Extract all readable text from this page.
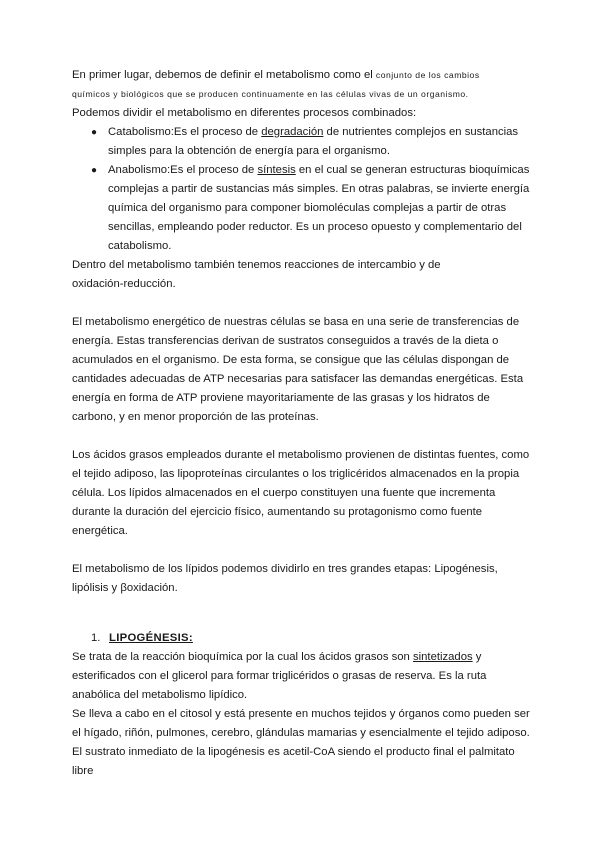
En primer lugar, debemos de definir el metabolismo como el conjunto de los cambios

químicos y biológicos que se producen continuamente en las células vivas de un organismo.

Podemos dividir el metabolismo en diferentes procesos combinados:

● Catabolismo:Es el proceso de degradación de nutrientes complejos en sustancias

simples para la obtención de energía para el organismo.

● Anabolismo:Es el proceso de síntesis en el cual se generan estructuras bioquímicas

complejas a partir de sustancias más simples. En otras palabras, se invierte energía

química del organismo para componer biomoléculas complejas a partir de otras

sencillas, empleando poder reductor. Es un proceso opuesto y complementario del

catabolismo.

Dentro del metabolismo también tenemos reacciones de intercambio y de

oxidación-reducción.

El metabolismo energético de nuestras células se basa en una serie de transferencias de

energía. Estas transferencias derivan de sustratos conseguidos a través de la dieta o

acumulados en el organismo. De esta forma, se consigue que las células dispongan de

cantidades adecuadas de ATP necesarias para satisfacer las demandas energéticas. Esta

energía en forma de ATP proviene mayoritariamente de las grasas y los hidratos de

carbono, y en menor proporción de las proteínas.

Los ácidos grasos empleados durante el metabolismo provienen de distintas fuentes, como

el tejido adiposo, las lipoproteínas circulantes o los triglicéridos almacenados en la propia

célula. Los lípidos almacenados en el cuerpo constituyen una fuente que incrementa

durante la duración del ejercicio físico, aumentando su protagonismo como fuente

energética.

El metabolismo de los lípidos podemos dividirlo en tres grandes etapas: Lipogénesis,

lipólisis y βoxidación.

1. LIPOGÉNESIS:

Se trata de la reacción bioquímica por la cual los ácidos grasos son sintetizados y

esterificados con el glicerol para formar triglicéridos o grasas de reserva. Es la ruta

anabólica del metabolismo lipídico.

Se lleva a cabo en el citosol y está presente en muchos tejidos y órganos como pueden ser

el hígado, riñón, pulmones, cerebro, glándulas mamarias y esencialmente el tejido adiposo.

El sustrato inmediato de la lipogénesis es acetil-CoA siendo el producto final el palmitato

libre
